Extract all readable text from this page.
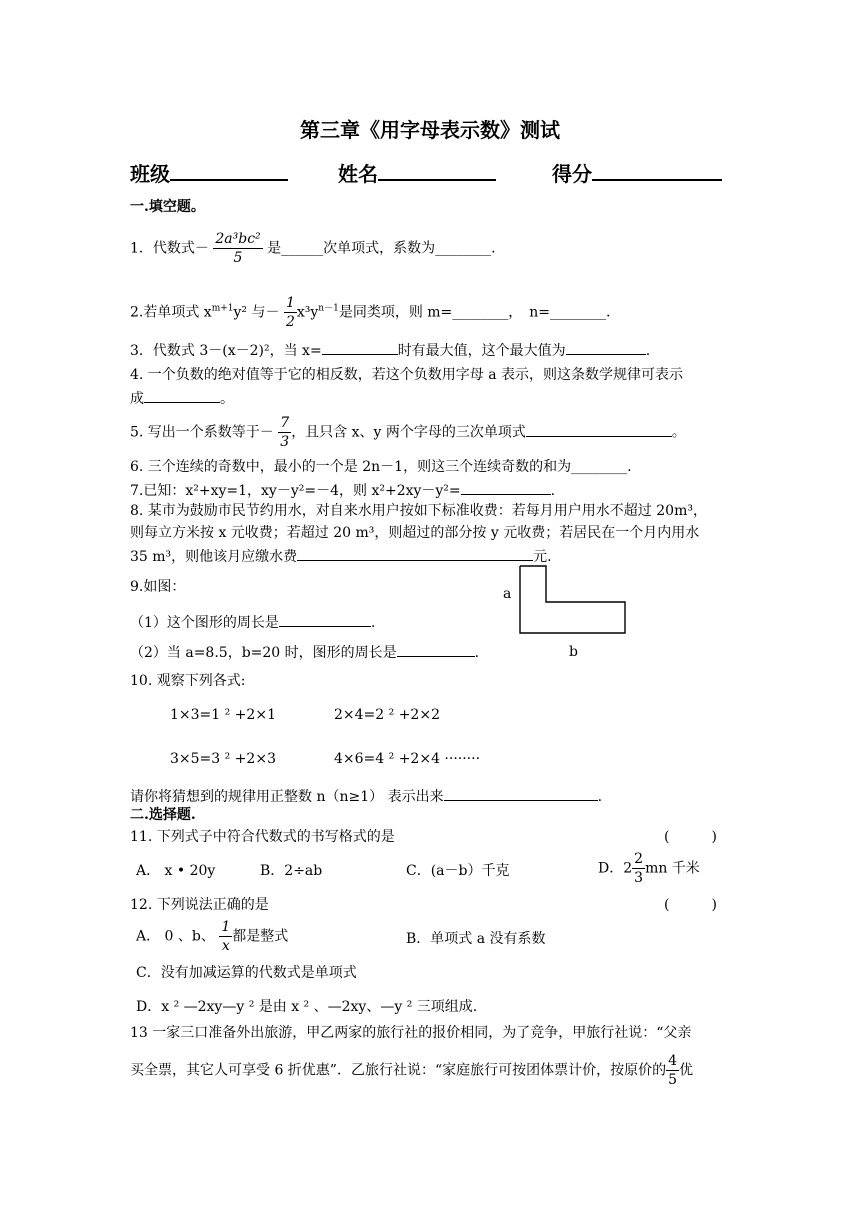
第三章《用字母表示数》测试
班级	姓名	得分
一.填空题。
1．代数式－ $\frac{\text{2a³bc²}}{5}$ 是______次单项式，系数为________.
2.若单项式 $x^{m+1}y^2$ 与－ $\frac{1}{2} x^3y^{n-1}$是同类项，则 m=________，　n=________.
3．代数式 3－(x－2)²，当 x=	时有最大值，这个最大值为	.
4. 一个负数的绝对值等于它的相反数，若这个负数用字母 a 表示，则这条数学规律可表示
成	。
5. 写出一个系数等于－ $\frac{7}{3}$ ，且只含 x、y 两个字母的三次单项式	。
6. 三个连续的奇数中，最小的一个是 2n－1，则这三个连续奇数的和为________.
7.已知：x²+xy=1，xy－y²=－4，则 x²+2xy－y²=	.
8. 某市为鼓励市民节约用水，对自来水用户按如下标准收费：若每月用户用水不超过 20m³，
则每立方米按 x 元收费；若超过 20 m³，则超过的部分按 y 元收费；若居民在一个月内用水
35 m³，则他该月应缴水费	元.
9.如图：
（1）这个图形的周长是	.
（2）当 a=8.5，b=20 时，图形的周长是	.
a
b
10. 观察下列各式:
1×3=1 ² +2×1	2×4=2 ² +2×2
3×5=3 ² +2×3	4×6=4 ² +2×4 ········
请你将猜想到的规律用正整数 n（n≥1） 表示出来	.
二.选择题.
11. 下列式子中符合代数式的书写格式的是	(　　　)
A． x • 20y	B．2÷ab	C．(a－b）千克	D．$2 \frac{2}{3}$ mn 千米
12. 下列说法正确的是	(　　　)
A． 0 、b、 $\frac{1}{x}$ 都是整式	B．单项式 a 没有系数
C．没有加减运算的代数式是单项式
D．x ² —2xy—y ² 是由 x ² 、—2xy、—y ² 三项组成.
13 一家三口准备外出旅游，甲乙两家的旅行社的报价相同，为了竞争，甲旅行社说：“父亲
买全票，其它人可享受 6 折优惠”．乙旅行社说：“家庭旅行可按团体票计价，按原价的 $\frac{4}{5}$ 优
